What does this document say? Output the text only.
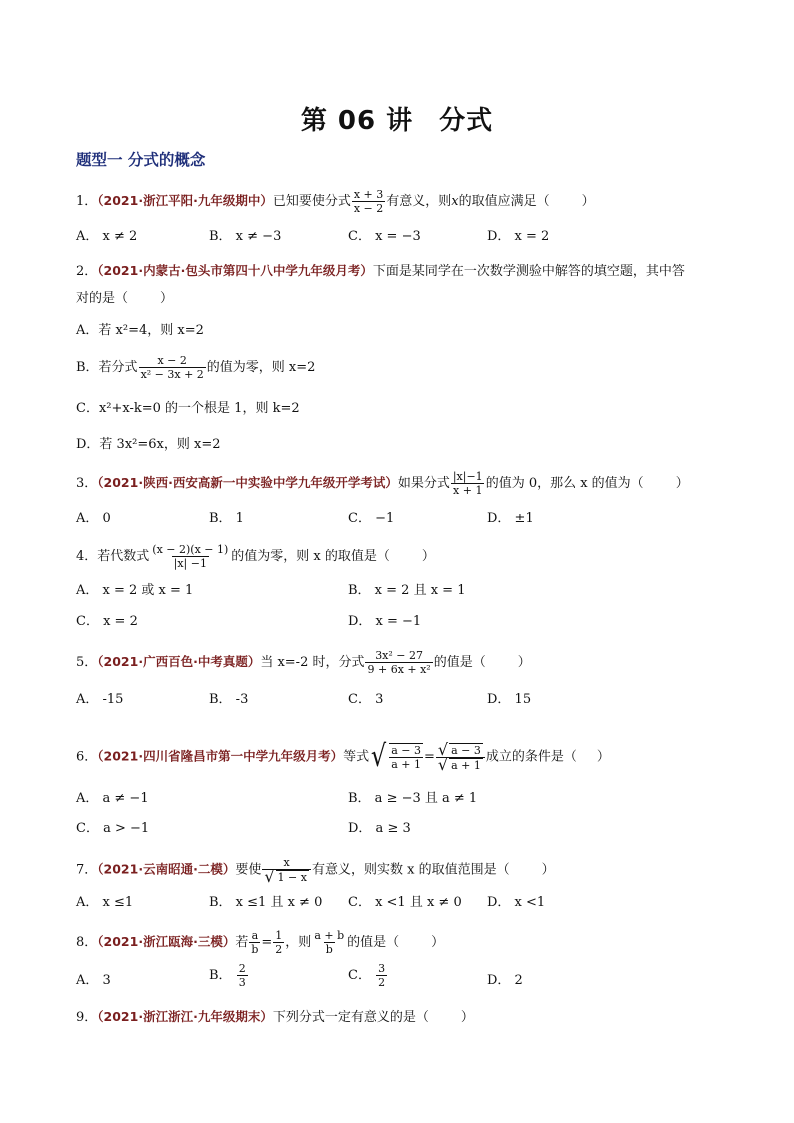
第 06 讲 分式
题型一 分式的概念
1．（2021·浙江平阳·九年级期中）已知要使分式 $\frac{x + 3}{x - 2}$ 有意义，则x的取值应满足（ ）
A． x ≠ 2	B． x ≠ −3	C． x = −3	D． x = 2
2．（2021·内蒙古·包头市第四十八中学九年级月考）下面是某同学在一次数学测验中解答的填空题，其中答
对的是（ ）
A．若 x²=4，则 x=2
B．若分式 $\frac{x - 2}{\text{x² − 3x + 2}}$ 的值为零，则 x=2
C．x²+x-k=0 的一个根是 1，则 k=2
D．若 3x²=6x，则 x=2
3．（2021·陕西·西安高新一中实验中学九年级开学考试）如果分式 $\frac{|x|-1}{x + 1}$ 的值为 0，那么 x 的值为（ ）
A． 0	B． 1	C． −1	D． ±1
4．若代数式 $\frac{(x - 2)(x - 1)}{|x| -1}$ 的值为零，则 x 的取值是（ ）
A． x = 2 或 x = 1	B． x = 2 且 x = 1
C． x = 2	D． x = −1
5．（2021·广西百色·中考真题）当 x=-2 时，分式 $\frac{\text{3x² − 27}}{\text{9 + 6x + x²}}$ 的值是（ ）
A． -15	B． -3	C． 3	D． 15
6．（2021·四川省隆昌市第一中学九年级月考）等式√ $\frac{a - 3}{a + 1} = \frac{√ a - 3}{√ a + 1}$ 成立的条件是（ ）
A． a ≠ −1	B． a ≥ −3 且 a ≠ 1
C． a > −1	D． a ≥ 3
7．（2021·云南昭通·二模）要使 $\frac{x}{√ 1 - x}$ 有意义，则实数 x 的取值范围是（ ）
A． x ≤1	B． x ≤1 且 x ≠ 0 C． x <1 且 x ≠ 0 D． x <1
8．（2021·浙江瓯海·三模）若 $\frac{a}{b} = \frac{1}{2}$ ，则 $\frac{a + b}{b}$ 的值是（ ）
A． 3	B． $\frac{2}{3}$	C． $\frac{3}{2}$	D． 2
9．（2021·浙江浙江·九年级期末）下列分式一定有意义的是（ ）
